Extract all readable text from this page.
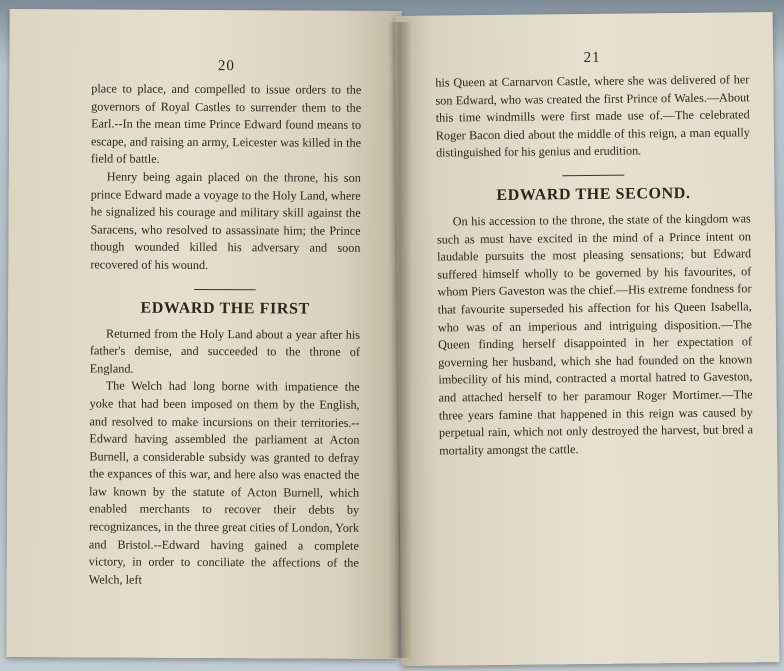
20

place to place, and compelled to issue orders to the governors of Royal Castles to surrender them to the Earl.--In the mean time Prince Edward found means to escape, and raising an army, Leicester was killed in the field of battle.

Henry being again placed on the throne, his son prince Edward made a voyage to the Holy Land, where he signalized his courage and military skill against the Saracens, who resolved to assassinate him; the Prince though wounded killed his adversary and soon recovered of his wound.

EDWARD THE FIRST

Returned from the Holy Land about a year after his father's demise, and succeeded to the throne of England.

The Welch had long borne with impatience the yoke that had been imposed on them by the English, and resolved to make incursions on their territories.--Edward having assembled the parliament at Acton Burnell, a considerable subsidy was granted to defray the expances of this war, and here also was enacted the law known by the statute of Acton Burnell, which enabled merchants to recover their debts by recognizances, in the three great cities of London, York and Bristol.--Edward having gained a complete victory, in order to conciliate the affections of the Welch, left

21

his Queen at Carnarvon Castle, where she was delivered of her son Edward, who was created the first Prince of Wales.—About this time windmills were first made use of.—The celebrated Roger Bacon died about the middle of this reign, a man equally distinguished for his genius and erudition.

EDWARD THE SECOND.

On his accession to the throne, the state of the kingdom was such as must have excited in the mind of a Prince intent on laudable pursuits the most pleasing sensations; but Edward suffered himself wholly to be governed by his favourites, of whom Piers Gaveston was the chief.—His extreme fondness for that favourite superseded his affection for his Queen Isabella, who was of an imperious and intriguing disposition.—The Queen finding herself disappointed in her expectation of governing her husband, which she had founded on the known imbecility of his mind, contracted a mortal hatred to Gaveston, and attached herself to her paramour Roger Mortimer.—The three years famine that happened in this reign was caused by perpetual rain, which not only destroyed the harvest, but bred a mortality amongst the cattle.
